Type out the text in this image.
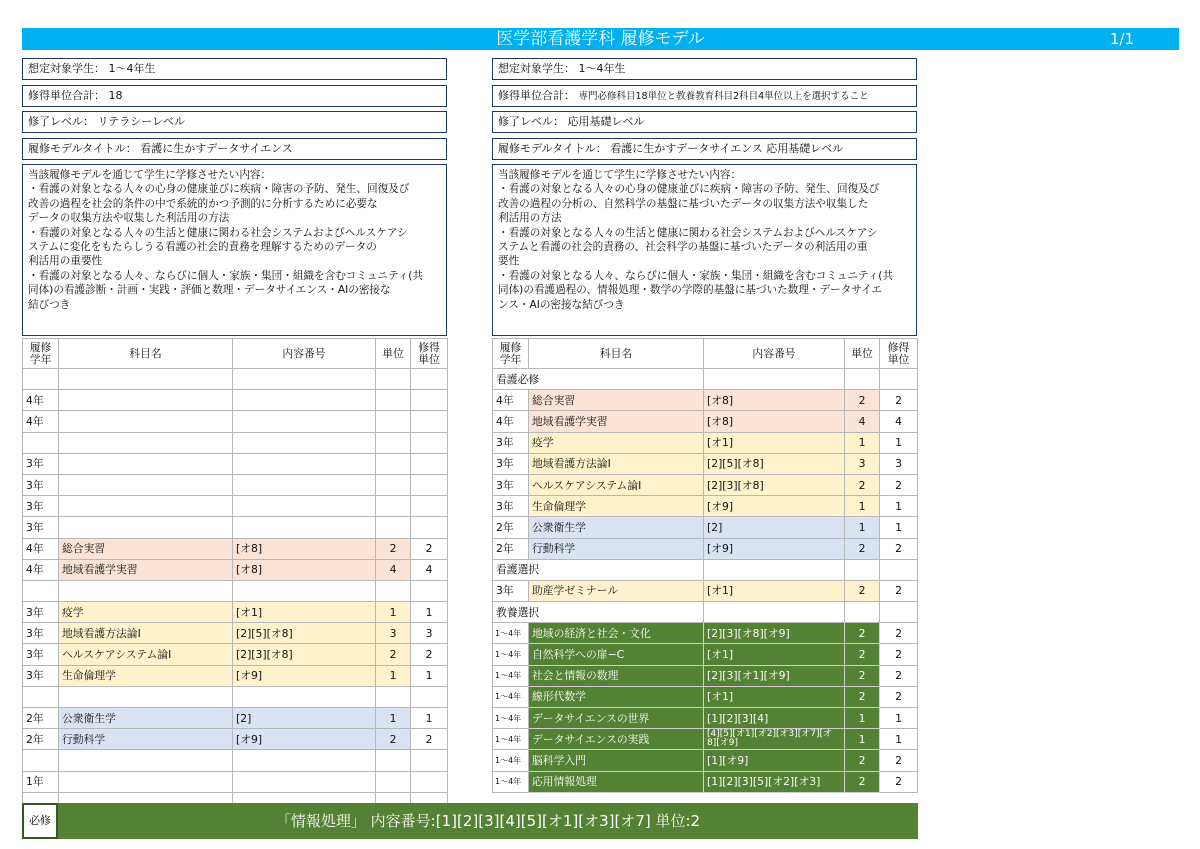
医学部看護学科 履修モデル	1/1
想定対象学生： 1〜4年生
修得単位合計： 18
修了レベル： リテラシーレベル
履修モデルタイトル： 看護に生かすデータサイエンス

当該履修モデルを通じて学生に学修させたい内容：

・看護の対象となる人々の心身の健康並びに疾病・障害の予防、発生、回復及び

改善の過程を社会的条件の中で系統的かつ予測的に分析するために必要な

データの収集方法や収集した利活用の方法

・看護の対象となる人々の生活と健康に関わる社会システムおよびヘルスケアシ

ステムに変化をもたらしうる看護の社会的責務を理解するためのデータの

利活用の重要性

・看護の対象となる人々、ならびに個人・家族・集団・組織を含むコミュニティ(共

同体)の看護診断・計画・実践・評価と数理・データサイエンス・AIの密接な

結びつき

想定対象学生： 1〜4年生
修得単位合計： 専門必修科目18単位と教養教育科目2科目4単位以上を選択すること
修了レベル： 応用基礎レベル
履修モデルタイトル： 看護に生かすデータサイエンス 応用基礎レベル

当該履修モデルを通じて学生に学修させたい内容：

・看護の対象となる人々の心身の健康並びに疾病・障害の予防、発生、回復及び

改善の過程の分析の、自然科学の基盤に基づいたデータの収集方法や収集した

利活用の方法

・看護の対象となる人々の生活と健康に関わる社会システムおよびヘルスケアシ

ステムと看護の社会的責務の、社会科学の基盤に基づいたデータの利活用の重

要性

・看護の対象となる人々、ならびに個人・家族・集団・組織を含むコミュニティ(共

同体)の看護過程の、情報処理・数学の学際的基盤に基づいた数理・データサイエ

ンス・AIの密接な結びつき

履修
学年	科目名	内容番号	単位	修得
単位

4年				
4年				

3年				
3年				
3年				
3年				
4年	総合実習	[オ8]	2	2
4年	地域看護学実習	[オ8]	4	4

3年	疫学	[オ1]	1	1
3年	地域看護方法論Ⅰ	[2][5][オ8]	3	3
3年	ヘルスケアシステム論Ⅰ	[2][3][オ8]	2	2
3年	生命倫理学	[オ9]	1	1

2年	公衆衛生学	[2]	1	1
2年	行動科学	[オ9]	2	2

1年				

履修
学年	科目名	内容番号	単位	修得
単位
看護必修				
4年	総合実習	[オ8]	2	2
4年	地域看護学実習	[オ8]	4	4
3年	疫学	[オ1]	1	1
3年	地域看護方法論Ⅰ	[2][5][オ8]	3	3
3年	ヘルスケアシステム論Ⅰ	[2][3][オ8]	2	2
3年	生命倫理学	[オ9]	1	1
2年	公衆衛生学	[2]	1	1
2年	行動科学	[オ9]	2	2
看護選択				
3年	助産学ゼミナール	[オ1]	2	2
教養選択				
1〜4年	地域の経済と社会・文化	[2][3][オ8][オ9]	2	2
1〜4年	自然科学への扉−C	[オ1]	2	2
1〜4年	社会と情報の数理	[2][3][オ1][オ9]	2	2
1〜4年	線形代数学	[オ1]	2	2
1〜4年	データサイエンスの世界	[1][2][3][4]	1	1
1〜4年	データサイエンスの実践	[4][5][オ1][オ2][オ3][オ7][オ8][オ9]	1	1
1〜4年	脳科学入門	[1][オ9]	2	2
1〜4年	応用情報処理	[1][2][3][5][オ2][オ3]	2	2
必修	「情報処理」 内容番号:[1][2][3][4][5][オ1][オ3][オ7] 単位:2
